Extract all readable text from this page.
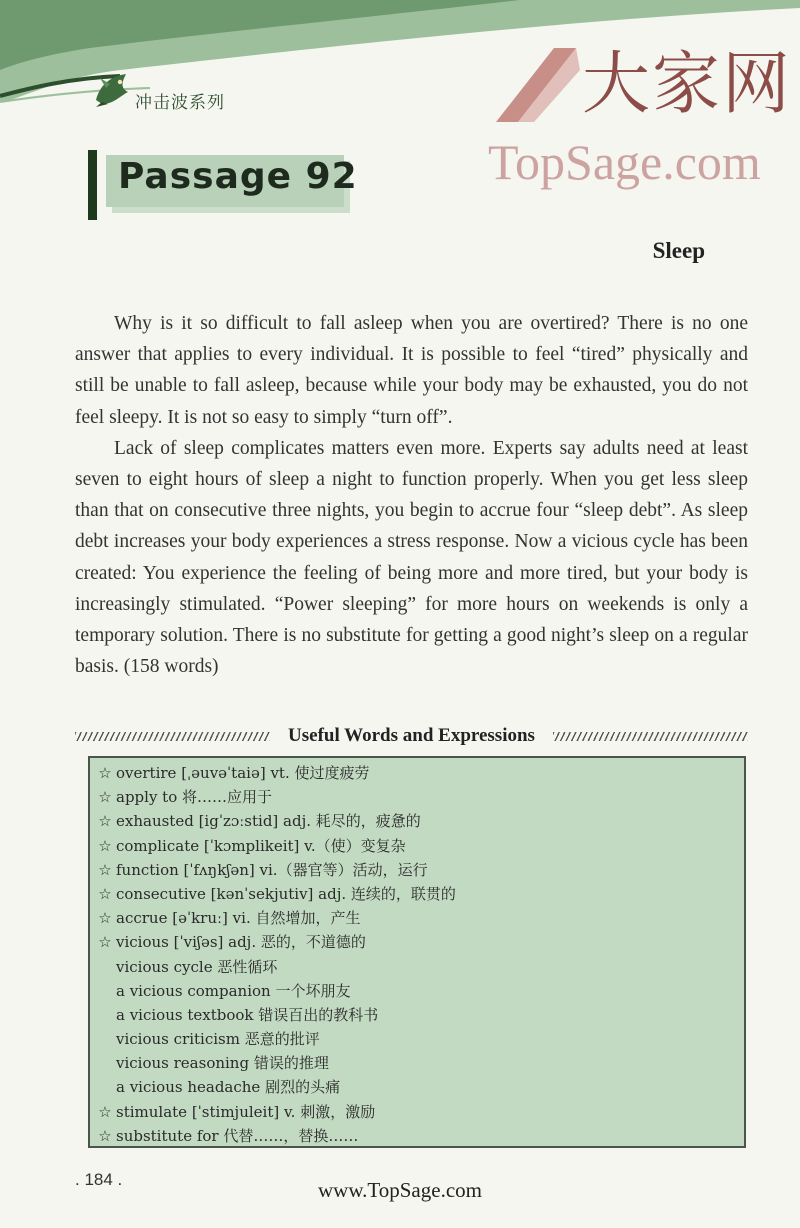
冲击波系列	大家网
TopSage.com
Passage 92
Sleep

Why is it so difficult to fall asleep when you are overtired? There is no one answer that applies to every individual. It is possible to feel “tired” physically and still be unable to fall asleep, because while your body may be exhausted, you do not feel sleepy. It is not so easy to simply “turn off”.

Lack of sleep complicates matters even more. Experts say adults need at least seven to eight hours of sleep a night to function properly. When you get less sleep than that on consecutive three nights, you begin to accrue four “sleep debt”. As sleep debt increases your body experiences a stress response. Now a vicious cycle has been created: You experience the feeling of being more and more tired, but your body is increasingly stimulated. “Power sleeping” for more hours on weekends is only a temporary solution. There is no substitute for getting a good night’s sleep on a regular basis. (158 words)

Useful Words and Expressions
☆ overtire [ˌəuvəˈtaiə] vt. 使过度疲劳
☆ apply to 将……应用于
☆ exhausted [igˈzɔːstid] adj. 耗尽的，疲惫的
☆ complicate [ˈkɔmplikeit] v.（使）变复杂
☆ function [ˈfʌŋkʃən] vi.（器官等）活动，运行
☆ consecutive [kənˈsekjutiv] adj. 连续的，联贯的
☆ accrue [əˈkruː] vi. 自然增加，产生
☆ vicious [ˈviʃəs] adj. 恶的，不道德的
vicious cycle 恶性循环
a vicious companion 一个坏朋友
a vicious textbook 错误百出的教科书
vicious criticism 恶意的批评
vicious reasoning 错误的推理
a vicious headache 剧烈的头痛
☆ stimulate [ˈstimjuleit] v. 刺激，激励
☆ substitute for 代替……，替换……
. 184 .	www.TopSage.com
